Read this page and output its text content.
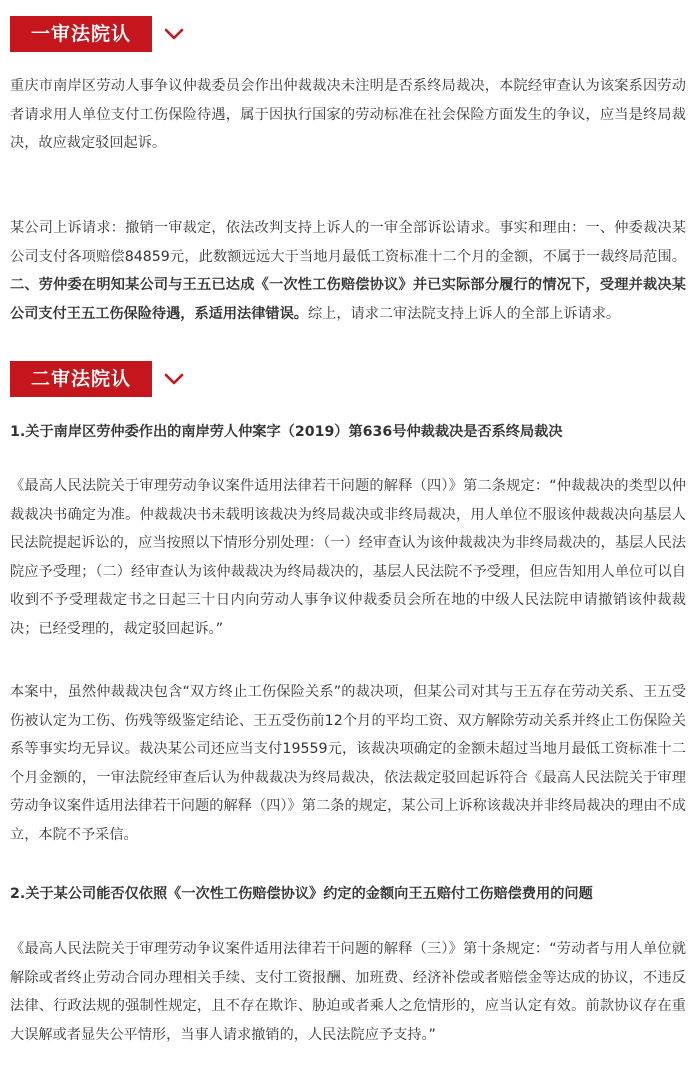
一审法院认为

重庆市南岸区劳动人事争议仲裁委员会作出仲裁裁决未注明是否系终局裁决，本院经审查认为该案系因劳动者请求用人单位支付工伤保险待遇，属于因执行国家的劳动标准在社会保险方面发生的争议，应当是终局裁决，故应裁定驳回起诉。

某公司上诉请求：撤销一审裁定，依法改判支持上诉人的一审全部诉讼请求。事实和理由：一、仲委裁决某公司支付各项赔偿84859元，此数额远远大于当地月最低工资标准十二个月的金额，不属于一裁终局范围。二、劳仲委在明知某公司与王五已达成《一次性工伤赔偿协议》并已实际部分履行的情况下，受理并裁决某公司支付王五工伤保险待遇，系适用法律错误。综上，请求二审法院支持上诉人的全部上诉请求。

二审法院认为

1.关于南岸区劳仲委作出的南岸劳人仲案字（2019）第636号仲裁裁决是否系终局裁决

《最高人民法院关于审理劳动争议案件适用法律若干问题的解释（四）》第二条规定：“仲裁裁决的类型以仲裁裁决书确定为准。仲裁裁决书未载明该裁决为终局裁决或非终局裁决，用人单位不服该仲裁裁决向基层人民法院提起诉讼的，应当按照以下情形分别处理：（一）经审查认为该仲裁裁决为非终局裁决的，基层人民法院应予受理；（二）经审查认为该仲裁裁决为终局裁决的，基层人民法院不予受理，但应告知用人单位可以自收到不予受理裁定书之日起三十日内向劳动人事争议仲裁委员会所在地的中级人民法院申请撤销该仲裁裁决；已经受理的，裁定驳回起诉。”

本案中，虽然仲裁裁决包含“双方终止工伤保险关系”的裁决项，但某公司对其与王五存在劳动关系、王五受伤被认定为工伤、伤残等级鉴定结论、王五受伤前12个月的平均工资、双方解除劳动关系并终止工伤保险关系等事实均无异议。裁决某公司还应当支付19559元，该裁决项确定的金额未超过当地月最低工资标准十二个月金额的，一审法院经审查后认为仲裁裁决为终局裁决，依法裁定驳回起诉符合《最高人民法院关于审理劳动争议案件适用法律若干问题的解释（四）》第二条的规定，某公司上诉称该裁决并非终局裁决的理由不成立，本院不予采信。

2.关于某公司能否仅依照《一次性工伤赔偿协议》约定的金额向王五赔付工伤赔偿费用的问题

《最高人民法院关于审理劳动争议案件适用法律若干问题的解释（三）》第十条规定：“劳动者与用人单位就解除或者终止劳动合同办理相关手续、支付工资报酬、加班费、经济补偿或者赔偿金等达成的协议，不违反法律、行政法规的强制性规定，且不存在欺诈、胁迫或者乘人之危情形的，应当认定有效。前款协议存在重大误解或者显失公平情形，当事人请求撤销的，人民法院应予支持。”
